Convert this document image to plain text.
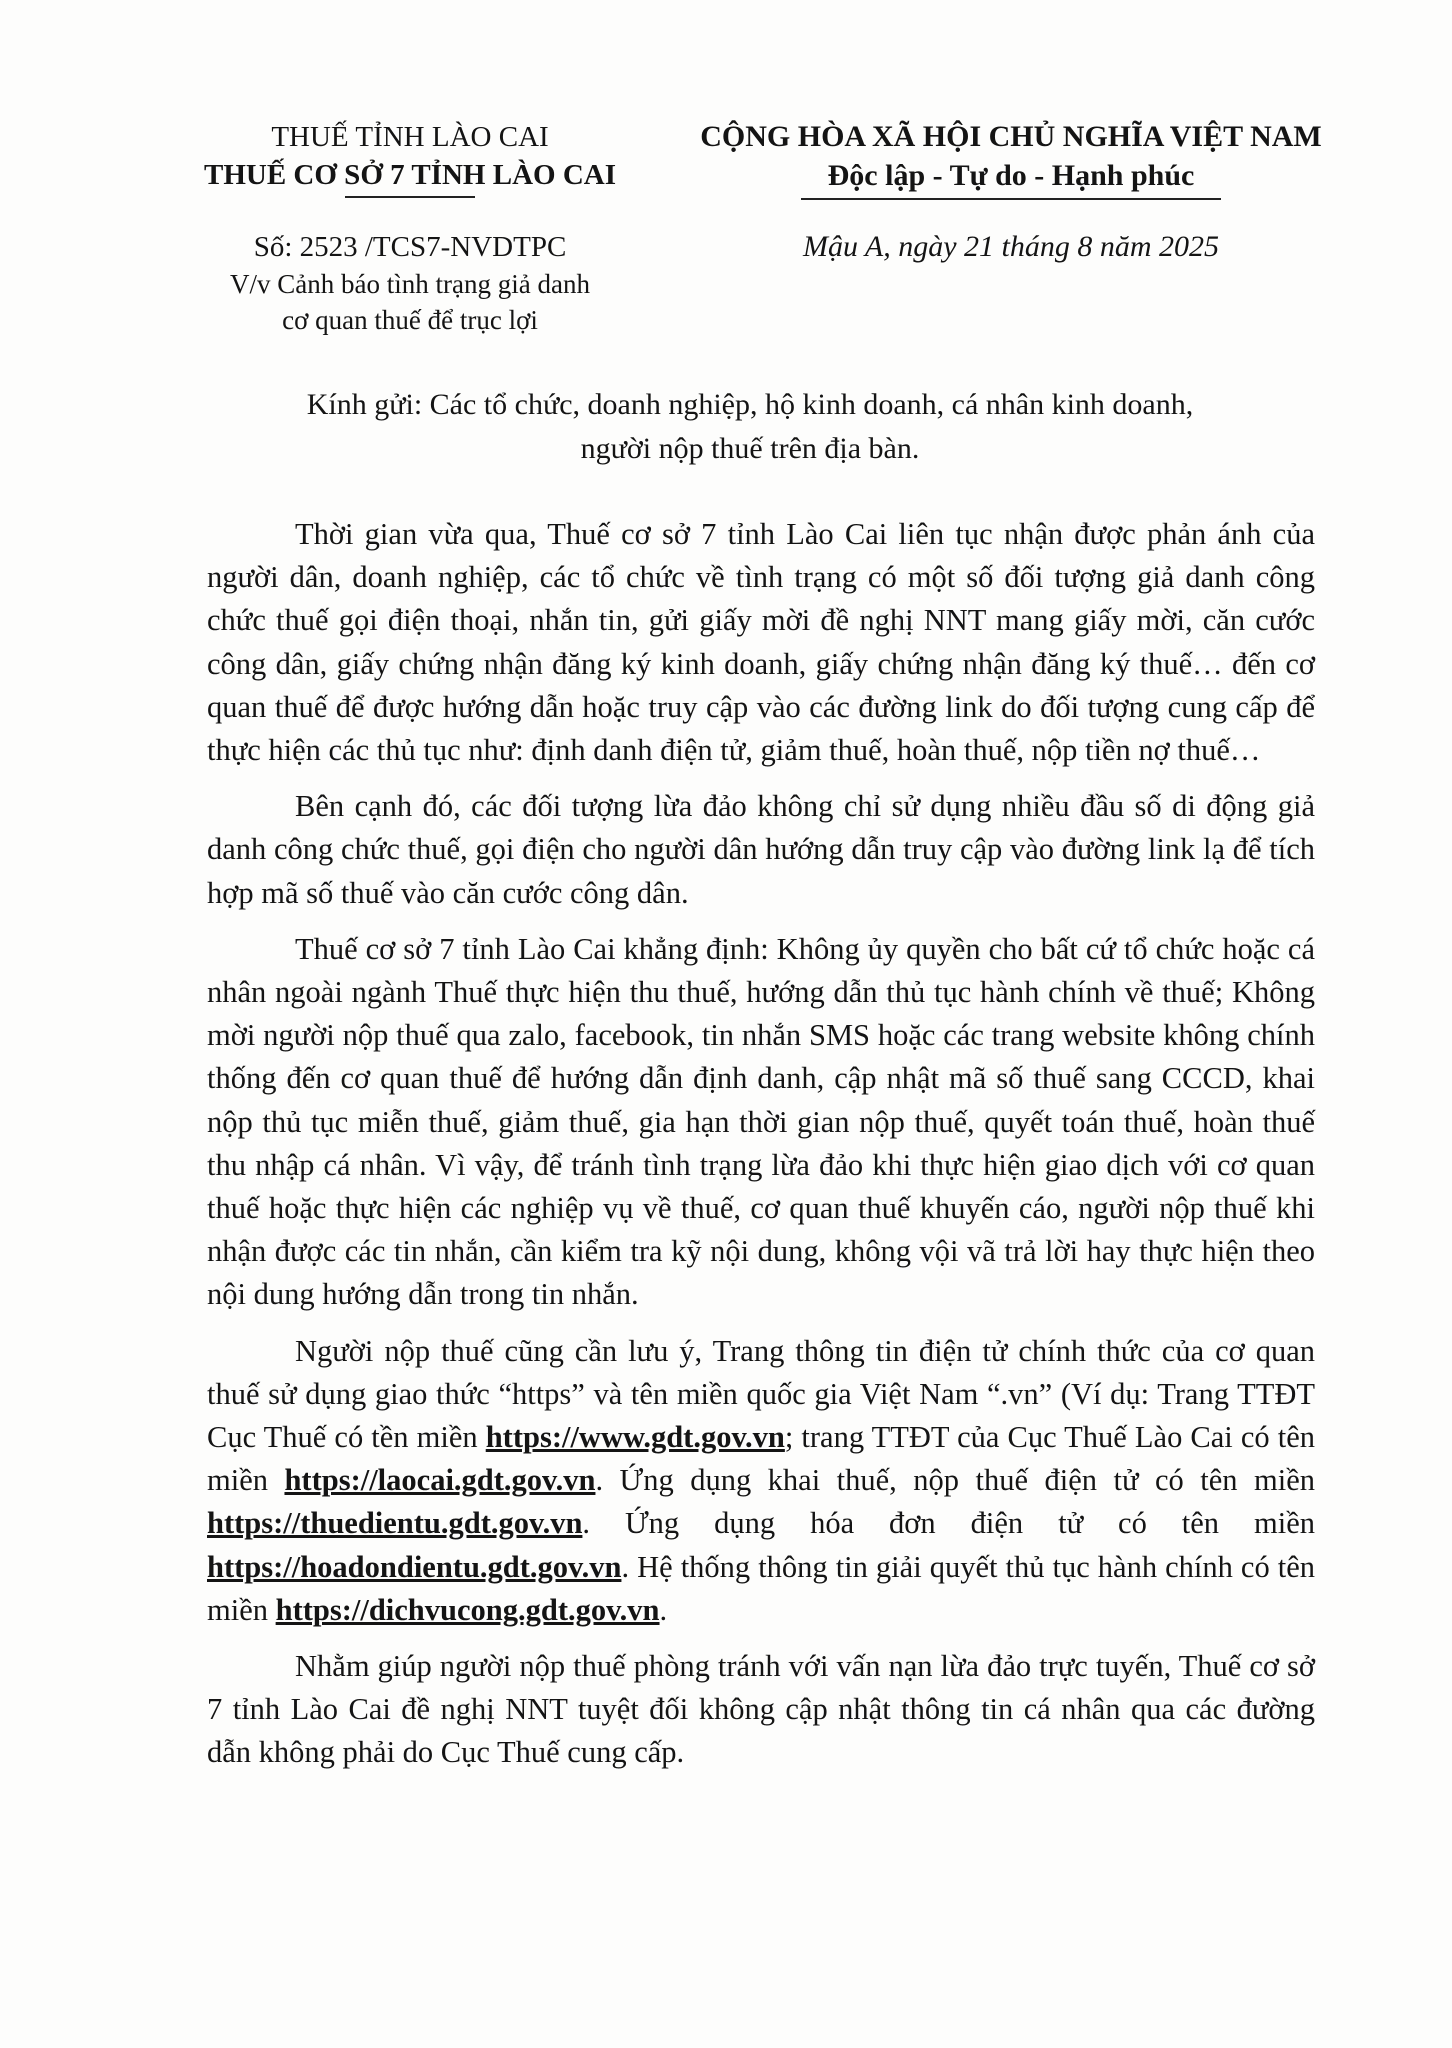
THUẾ TỈNH LÀO CAI
THUẾ CƠ SỞ 7 TỈNH LÀO CAI
Số: 2523 /TCS7-NVDTPC
V/v Cảnh báo tình trạng giả danh
cơ quan thuế để trục lợi
CỘNG HÒA XÃ HỘI CHỦ NGHĨA VIỆT NAM
Độc lập - Tự do - Hạnh phúc
Mậu A, ngày 21 tháng 8 năm 2025
Kính gửi: Các tổ chức, doanh nghiệp, hộ kinh doanh, cá nhân kinh doanh,
người nộp thuế trên địa bàn.

Thời gian vừa qua, Thuế cơ sở 7 tỉnh Lào Cai liên tục nhận được phản ánh của người dân, doanh nghiệp, các tổ chức về tình trạng có một số đối tượng giả danh công chức thuế gọi điện thoại, nhắn tin, gửi giấy mời đề nghị NNT mang giấy mời, căn cước công dân, giấy chứng nhận đăng ký kinh doanh, giấy chứng nhận đăng ký thuế… đến cơ quan thuế để được hướng dẫn hoặc truy cập vào các đường link do đối tượng cung cấp để thực hiện các thủ tục như: định danh điện tử, giảm thuế, hoàn thuế, nộp tiền nợ thuế…

Bên cạnh đó, các đối tượng lừa đảo không chỉ sử dụng nhiều đầu số di động giả danh công chức thuế, gọi điện cho người dân hướng dẫn truy cập vào đường link lạ để tích hợp mã số thuế vào căn cước công dân.

Thuế cơ sở 7 tỉnh Lào Cai khẳng định: Không ủy quyền cho bất cứ tổ chức hoặc cá nhân ngoài ngành Thuế thực hiện thu thuế, hướng dẫn thủ tục hành chính về thuế; Không mời người nộp thuế qua zalo, facebook, tin nhắn SMS hoặc các trang website không chính thống đến cơ quan thuế để hướng dẫn định danh, cập nhật mã số thuế sang CCCD, khai nộp thủ tục miễn thuế, giảm thuế, gia hạn thời gian nộp thuế, quyết toán thuế, hoàn thuế thu nhập cá nhân. Vì vậy, để tránh tình trạng lừa đảo khi thực hiện giao dịch với cơ quan thuế hoặc thực hiện các nghiệp vụ về thuế, cơ quan thuế khuyến cáo, người nộp thuế khi nhận được các tin nhắn, cần kiểm tra kỹ nội dung, không vội vã trả lời hay thực hiện theo nội dung hướng dẫn trong tin nhắn.

Người nộp thuế cũng cần lưu ý, Trang thông tin điện tử chính thức của cơ quan thuế sử dụng giao thức “https” và tên miền quốc gia Việt Nam “.vn” (Ví dụ: Trang TTĐT Cục Thuế có tền miền https://www.gdt.gov.vn; trang TTĐT của Cục Thuế Lào Cai có tên miền https://laocai.gdt.gov.vn. Ứng dụng khai thuế, nộp thuế điện tử có tên miền https://thuedientu.gdt.gov.vn. Ứng dụng hóa đơn điện tử có tên miền https://hoadondientu.gdt.gov.vn. Hệ thống thông tin giải quyết thủ tục hành chính có tên miền https://dichvucong.gdt.gov.vn.

Nhằm giúp người nộp thuế phòng tránh với vấn nạn lừa đảo trực tuyến, Thuế cơ sở 7 tỉnh Lào Cai đề nghị NNT tuyệt đối không cập nhật thông tin cá nhân qua các đường dẫn không phải do Cục Thuế cung cấp.
